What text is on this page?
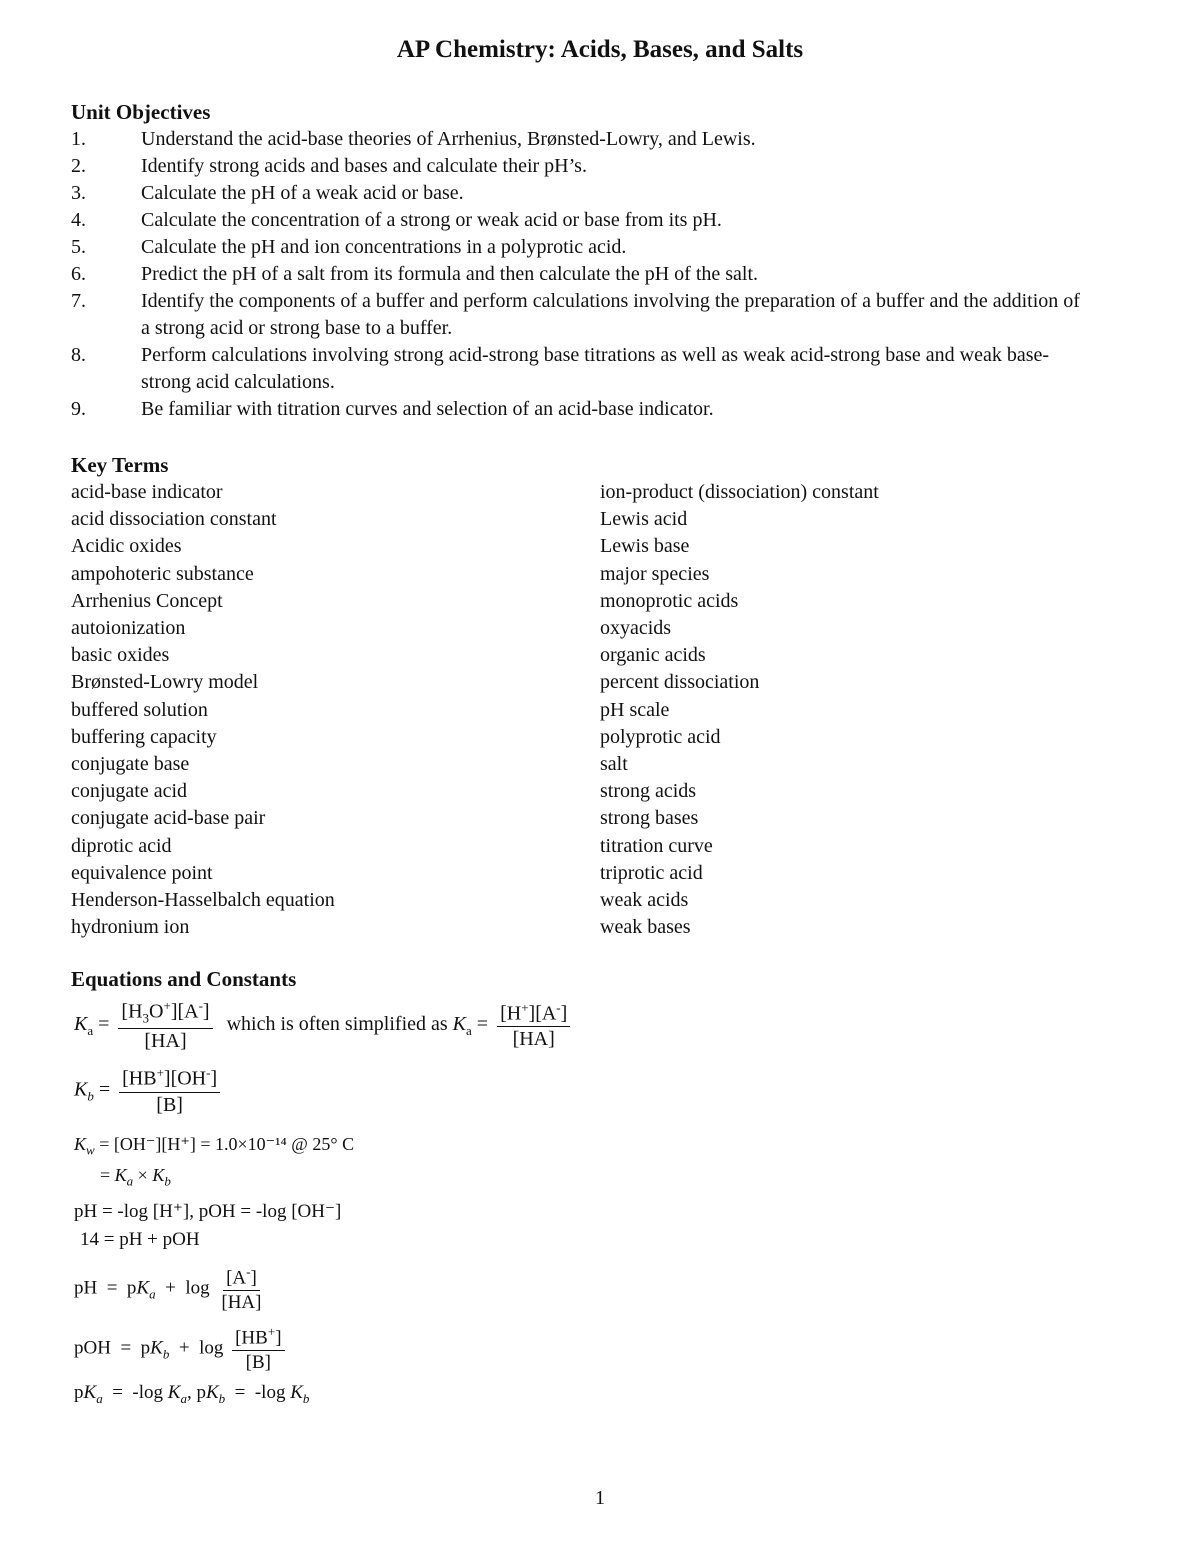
AP Chemistry: Acids, Bases, and Salts
Unit Objectives
1.	Understand the acid-base theories of Arrhenius, Brønsted-Lowry, and Lewis.
2.	Identify strong acids and bases and calculate their pH’s.
3.	Calculate the pH of a weak acid or base.
4.	Calculate the concentration of a strong or weak acid or base from its pH.
5.	Calculate the pH and ion concentrations in a polyprotic acid.
6.	Predict the pH of a salt from its formula and then calculate the pH of the salt.
7.	Identify the components of a buffer and perform calculations involving the preparation of a buffer and the addition of a strong acid or strong base to a buffer.
8.	Perform calculations involving strong acid-strong base titrations as well as weak acid-strong base and weak base-strong acid calculations.
9.	Be familiar with titration curves and selection of an acid-base indicator.
Key Terms
acid-base indicator
acid dissociation constant
Acidic oxides
ampohoteric substance
Arrhenius Concept
autoionization
basic oxides
Brønsted-Lowry model
buffered solution
buffering capacity
conjugate base
conjugate acid
conjugate acid-base pair
diprotic acid
equivalence point
Henderson-Hasselbalch equation
hydronium ion
ion-product (dissociation) constant
Lewis acid
Lewis base
major species
monoprotic acids
oxyacids
organic acids
percent dissociation
pH scale
polyprotic acid
salt
strong acids
strong bases
titration curve
triprotic acid
weak acids
weak bases
Equations and Constants
$K_a = \frac{[H_3O^+][A^-]}{[HA]}$ which is often simplified as $K_a = \frac{[H^+][A^-]}{[HA]}$
$K_b = \frac{[HB^+][OH^-]}{[B]}$
$K_w = [OH^-][H^+] = 1.0\times 10^{-14}$ @ 25° C
= $K_a \times K_b$
pH = -log [H⁺], pOH = -log [OH⁻]
14 = pH + pOH
pH  =  $pK_a + \log \frac{[A^-]}{[HA]}$
pOH  =  $pK_b + \log \frac{[HB^+]}{[B]}$
$pK_a = -\log$ $K_a$, $pK_b = -\log$ $K_b$
1
